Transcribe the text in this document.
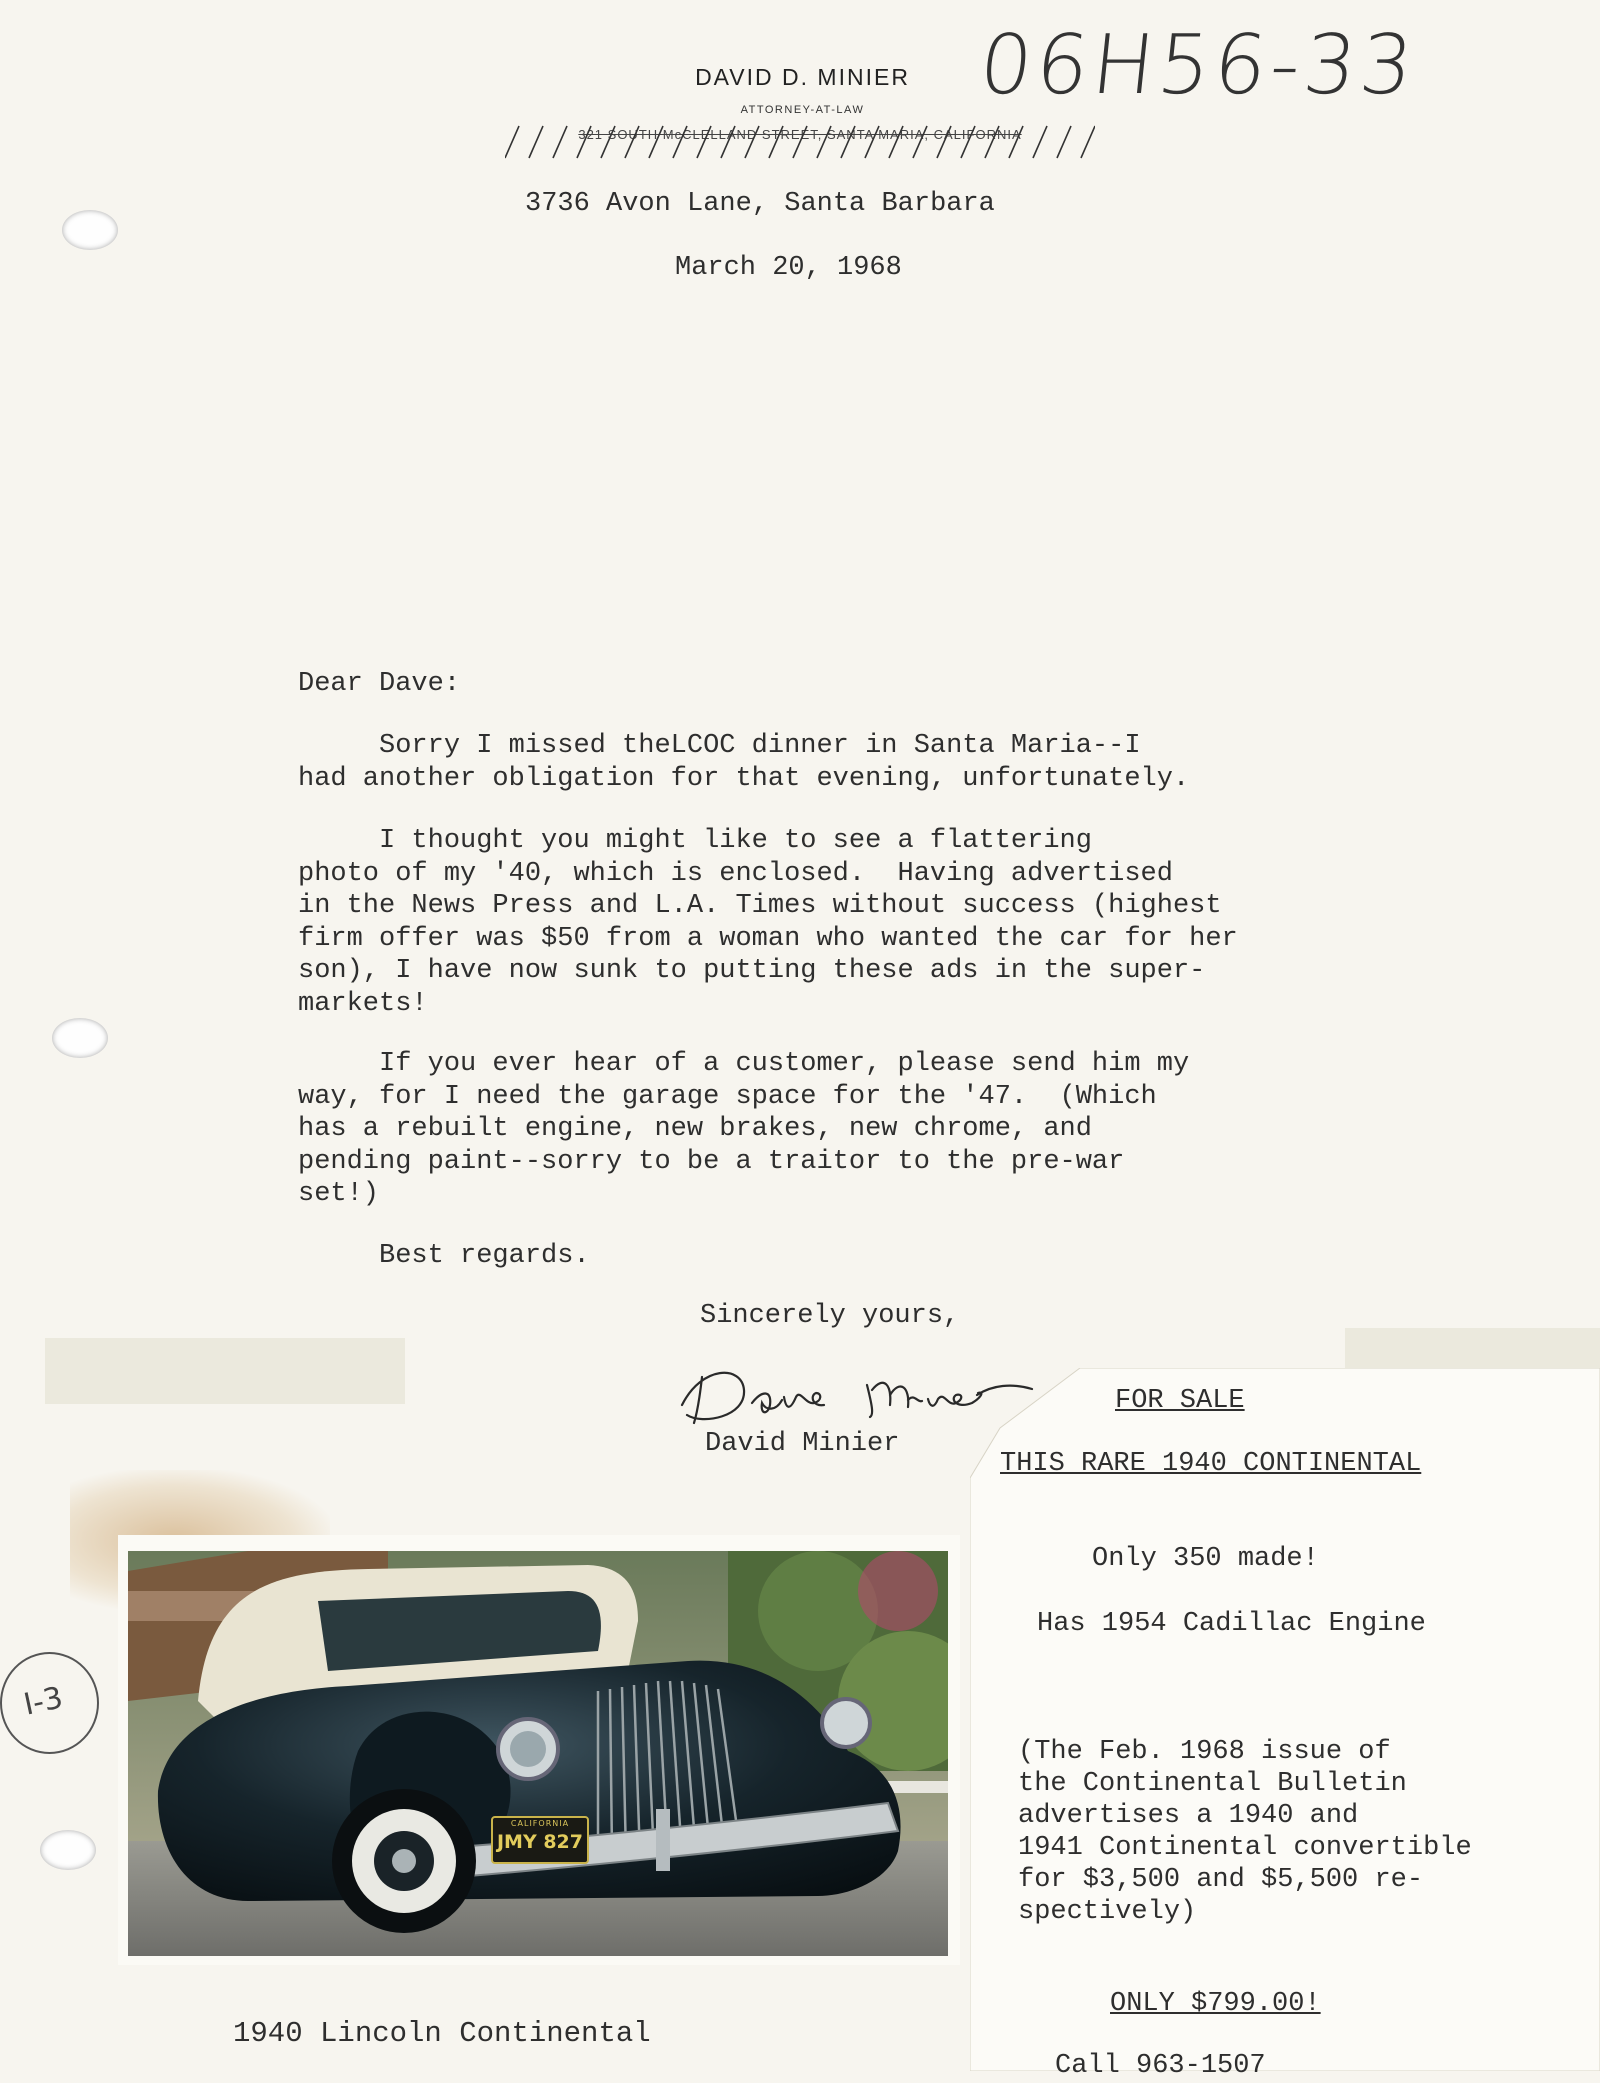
DAVID D. MINIER
ATTORNEY-AT-LAW
321 SOUTH McCLELLAND STREET, SANTA MARIA, CALIFORNIA
06H56-33
3736 Avon Lane, Santa Barbara
March 20, 1968
Dear Dave:
Sorry I missed theLCOC dinner in Santa Maria--I
had another obligation for that evening, unfortunately.
I thought you might like to see a flattering
photo of my '40, which is enclosed.  Having advertised
in the News Press and L.A. Times without success (highest
firm offer was $50 from a woman who wanted the car for her
son), I have now sunk to putting these ads in the super-
markets!
If you ever hear of a customer, please send him my
way, for I need the garage space for the '47.  (Which
has a rebuilt engine, new brakes, new chrome, and
pending paint--sorry to be a traitor to the pre-war
set!)
Best regards.
Sincerely yours,
David Minier
FOR SALE
THIS RARE 1940 CONTINENTAL
Only 350 made!
Has 1954 Cadillac Engine
(The Feb. 1968 issue of
the Continental Bulletin
advertises a 1940 and
1941 Continental convertible
for $3,500 and $5,500 re-
spectively)
ONLY $799.00!
Call 963-1507
CALIFORNIA
JMY 827
1940 Lincoln Continental
I-3
